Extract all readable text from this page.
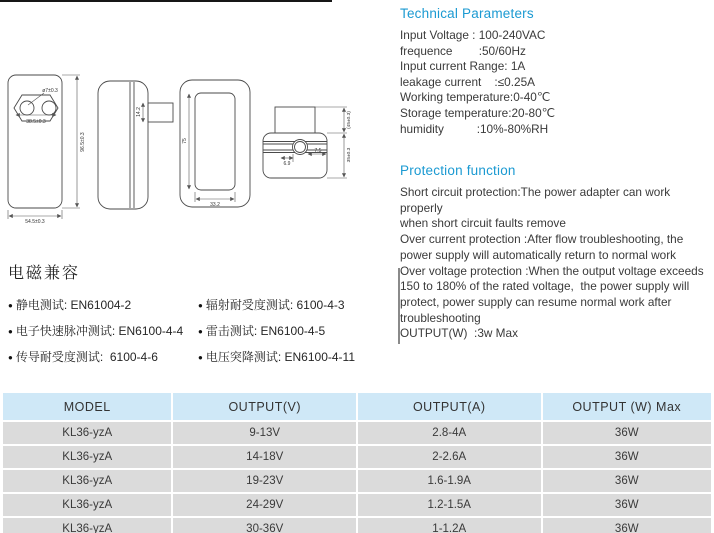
ø7±0.3
38.5±0.3
96.5±0.3
54.5±0.3
14.2
75
33.2
6.9
7.5
(45±0.3)
35±0.3
Technical Parameters
Input Voltage : 100-240VAC
frequence        :50/60Hz
Input current Range: 1A
leakage current    :≤0.25A
Working temperature:0-40℃
Storage temperature:20-80℃
humidity          :10%-80%RH
Protection function
Short circuit protection:The power adapter can work properly
when short circuit faults remove
Over current protection :After flow troubleshooting, the
power supply will automatically return to normal work
Over voltage protection :When the output voltage exceeds
150 to 180% of the rated voltage,  the power supply will
protect, power supply can resume normal work after
troubleshooting
OUTPUT(W)  :3w Max
电磁兼容
● 静电测试: EN61004-2	● 辐射耐受度测试: 6100-4-3
● 电子快速脉冲测试: EN6100-4-4	● 雷击测试: EN6100-4-5
● 传导耐受度测试:  6100-4-6	● 电压突降测试: EN6100-4-11
MODEL	OUTPUT(V)	OUTPUT(A)	OUTPUT (W) Max
KL36-yzA	9-13V	2.8-4A	36W
KL36-yzA	14-18V	2-2.6A	36W
KL36-yzA	19-23V	1.6-1.9A	36W
KL36-yzA	24-29V	1.2-1.5A	36W
KL36-yzA	30-36V	1-1.2A	36W
